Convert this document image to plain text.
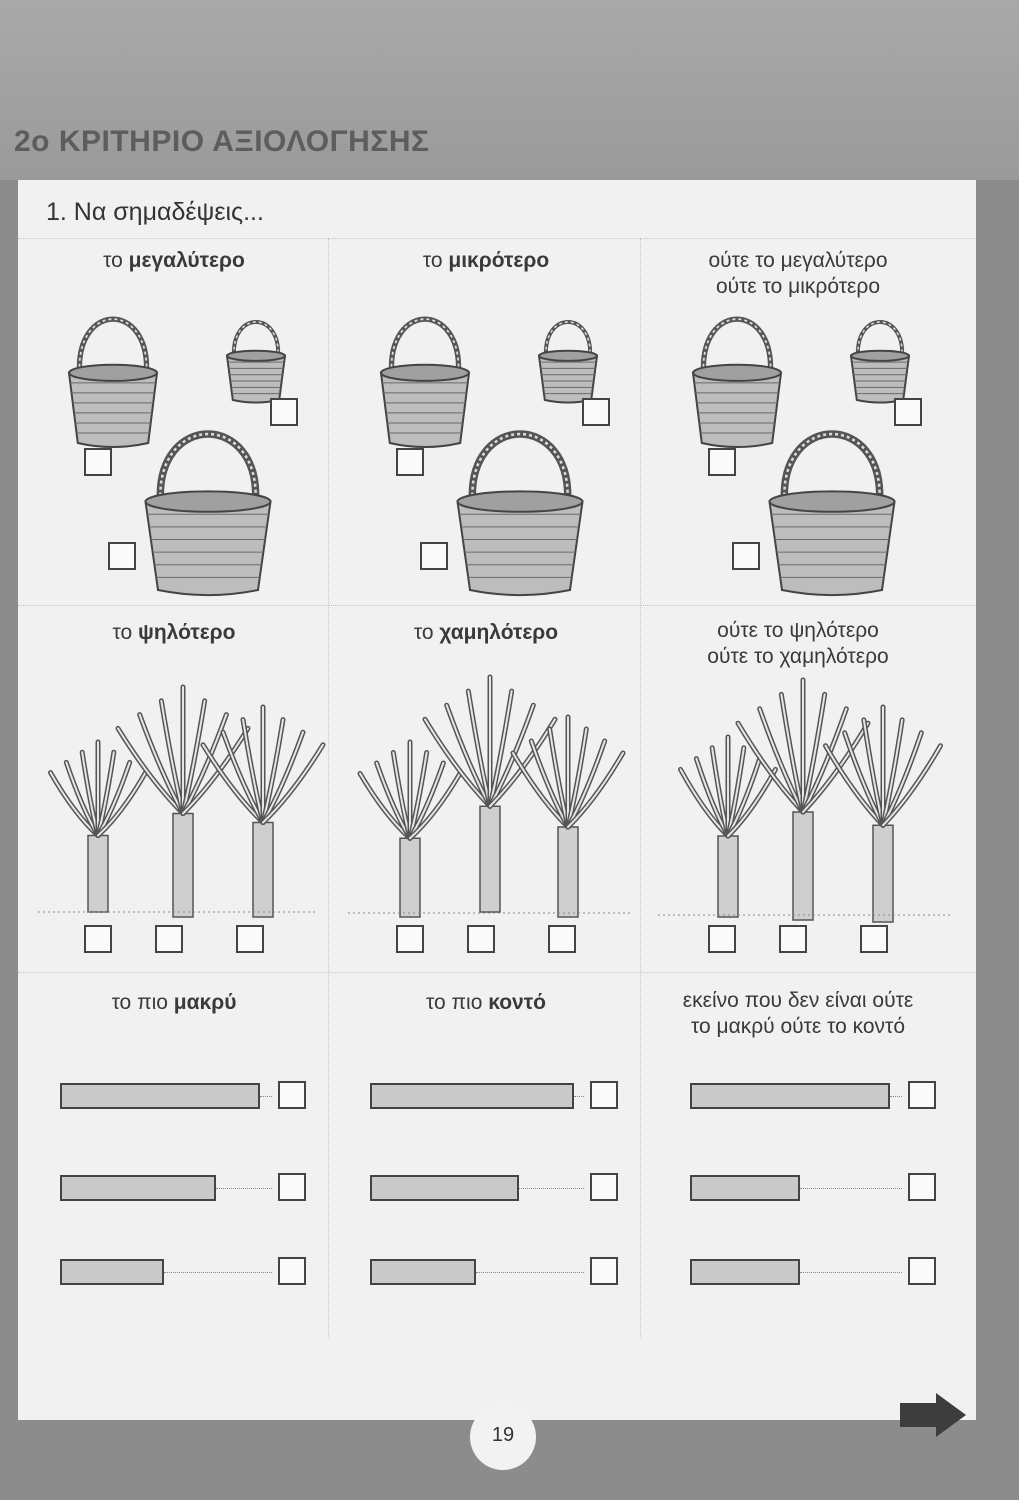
2ο ΚΡΙΤΗΡΙΟ ΑΞΙΟΛΟΓΗΣΗΣ
1. Να σημαδέψεις...
το μεγαλύτερο	το μικρότερο	ούτε το μεγαλύτερο
ούτε το μικρότερο
το ψηλότερο	το χαμηλότερο	ούτε το ψηλότερο
ούτε το χαμηλότερο
το πιο μακρύ	το πιο κοντό	εκείνο που δεν είναι ούτε
το μακρύ ούτε το κοντό
19
